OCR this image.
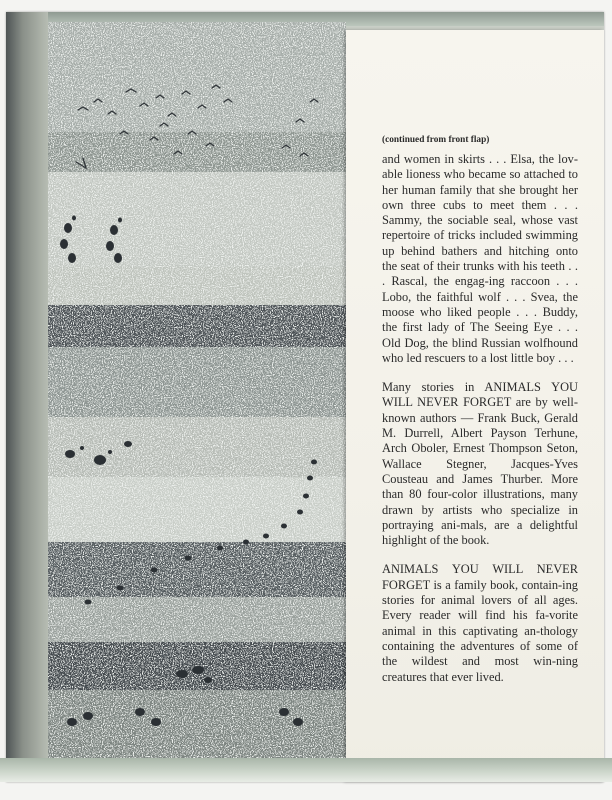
(continued from front flap)

and women in skirts . . . Elsa, the lov-able lioness who became so attached to her human family that she brought her own three cubs to meet them . . . Sammy, the sociable seal, whose vast repertoire of tricks included swimming up behind bathers and hitching onto the seat of their trunks with his teeth . . . Rascal, the engag-ing raccoon . . . Lobo, the faithful wolf . . . Svea, the moose who liked people . . . Buddy, the first lady of The Seeing Eye . . . Old Dog, the blind Russian wolfhound who led rescuers to a lost little boy . . .

Many stories in ANIMALS YOU WILL NEVER FORGET are by well-known authors — Frank Buck, Gerald M. Durrell, Albert Payson Terhune, Arch Oboler, Ernest Thompson Seton, Wallace Stegner, Jacques-Yves Cousteau and James Thurber. More than 80 four-color illustrations, many drawn by artists who specialize in portraying ani-mals, are a delightful highlight of the book.

ANIMALS YOU WILL NEVER FORGET is a family book, contain-ing stories for animal lovers of all ages. Every reader will find his fa-vorite animal in this captivating an-thology containing the adventures of some of the wildest and most win-ning creatures that ever lived.
